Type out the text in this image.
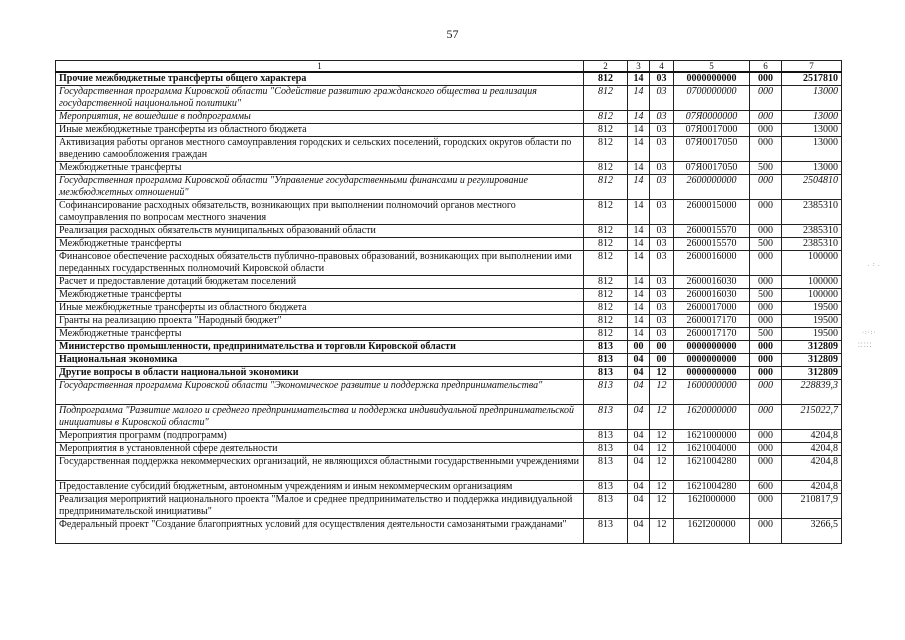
57
1	2	3	4	5	6	7
Прочие межбюджетные трансферты общего характера	812	14	03	0000000000	000	2517810
Государственная программа Кировской области "Содействие развитию гражданского общества и реализация государственной национальной политики"	812	14	03	0700000000	000	13000
Мероприятия, не вошедшие в подпрограммы	812	14	03	07Я0000000	000	13000
Иные межбюджетные трансферты из областного бюджета	812	14	03	07Я0017000	000	13000
Активизация работы органов местного самоуправления городских и сельских поселений, городских округов области по введению самообложения граждан	812	14	03	07Я0017050	000	13000
Межбюджетные трансферты	812	14	03	07Я0017050	500	13000
Государственная программа Кировской области "Управление государственными финансами и регулирование межбюджетных отношений"	812	14	03	2600000000	000	2504810
Софинансирование расходных обязательств, возникающих при выполнении полномочий органов местного самоуправления по вопросам местного значения	812	14	03	2600015000	000	2385310
Реализация расходных обязательств муниципальных образований области	812	14	03	2600015570	000	2385310
Межбюджетные трансферты	812	14	03	2600015570	500	2385310
Финансовое обеспечение расходных обязательств публично-правовых образований, возникающих при выполнении ими переданных государственных полномочий Кировской области	812	14	03	2600016000	000	100000
Расчет и предоставление дотаций бюджетам поселений	812	14	03	2600016030	000	100000
Межбюджетные трансферты	812	14	03	2600016030	500	100000
Иные межбюджетные трансферты из областного бюджета	812	14	03	2600017000	000	19500
Гранты на реализацию проекта "Народный бюджет"	812	14	03	2600017170	000	19500
Межбюджетные трансферты	812	14	03	2600017170	500	19500
Министерство промышленности, предпринимательства и торговли Кировской области	813	00	00	0000000000	000	312809
Национальная экономика	813	04	00	0000000000	000	312809
Другие вопросы в области национальной экономики	813	04	12	0000000000	000	312809
Государственная программа Кировской области "Экономическое развитие и поддержка предпринимательства"	813	04	12	1600000000	000	228839,3
Подпрограмма "Развитие малого и среднего предпринимательства и поддержка индивидуальной предпринимательской инициативы в Кировской области"	813	04	12	1620000000	000	215022,7
Мероприятия программ (подпрограмм)	813	04	12	1621000000	000	4204,8
Мероприятия в установленной сфере деятельности	813	04	12	1621004000	000	4204,8
Государственная поддержка некоммерческих организаций, не являющихся областными государственными учреждениями	813	04	12	1621004280	000	4204,8
Предоставление субсидий бюджетным, автономным учреждениям и иным некоммерческим организациям	813	04	12	1621004280	600	4204,8
Реализация мероприятий национального проекта "Малое и среднее предпринимательство и поддержка индивидуальной предпринимательской инициативы"	813	04	12	162I000000	000	210817,9
Федеральный проект "Создание благоприятных условий для осуществления деятельности самозанятыми гражданами"	813	04	12	162I200000	000	3266,5
. : .
·:·:·
⁚⁚⁚⁚⁚
